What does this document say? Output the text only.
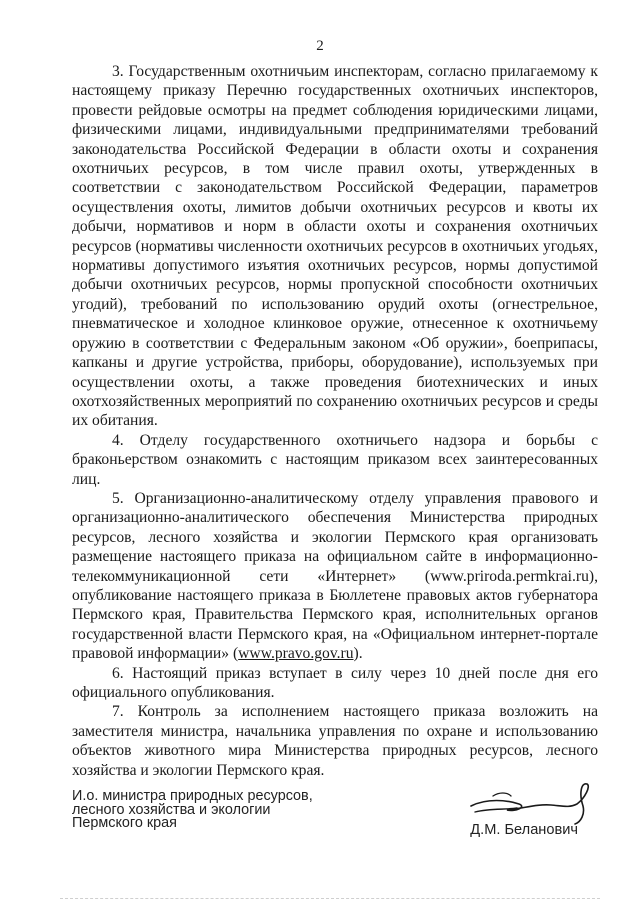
2

3. Государственным охотничьим инспекторам, согласно прилагаемому к настоящему приказу Перечню государственных охотничьих инспекторов, провести рейдовые осмотры на предмет соблюдения юридическими лицами, физическими лицами, индивидуальными предпринимателями требований законодательства Российской Федерации в области охоты и сохранения охотничьих ресурсов, в том числе правил охоты, утвержденных в соответствии с законодательством Российской Федерации, параметров осуществления охоты, лимитов добычи охотничьих ресурсов и квоты их добычи, нормативов и норм в области охоты и сохранения охотничьих ресурсов (нормативы численности охотничьих ресурсов в охотничьих угодьях, нормативы допустимого изъятия охотничьих ресурсов, нормы допустимой добычи охотничьих ресурсов, нормы пропускной способности охотничьих угодий), требований по использованию орудий охоты (огнестрельное, пневматическое и холодное клинковое оружие, отнесенное к охотничьему оружию в соответствии с Федеральным законом «Об оружии», боеприпасы, капканы и другие устройства, приборы, оборудование), используемых при осуществлении охоты, а также проведения биотехнических и иных охотхозяйственных мероприятий по сохранению охотничьих ресурсов и среды их обитания.

4. Отделу государственного охотничьего надзора и борьбы с браконьерством ознакомить с настоящим приказом всех заинтересованных лиц.

5. Организационно-аналитическому отделу управления правового и организационно-аналитического обеспечения Министерства природных ресурсов, лесного хозяйства и экологии Пермского края организовать размещение настоящего приказа на официальном сайте в информационно-телекоммуникационной сети «Интернет» (www.priroda.permkrai.ru), опубликование настоящего приказа в Бюллетене правовых актов губернатора Пермского края, Правительства Пермского края, исполнительных органов государственной власти Пермского края, на «Официальном интернет-портале правовой информации» (www.pravo.gov.ru).

6. Настоящий приказ вступает в силу через 10 дней после дня его официального опубликования.

7. Контроль за исполнением настоящего приказа возложить на заместителя министра, начальника управления по охране и использованию объектов животного мира Министерства природных ресурсов, лесного хозяйства и экологии Пермского края.

И.о. министра природных ресурсов,
лесного хозяйства и экологии
Пермского края	Д.М. Беланович
